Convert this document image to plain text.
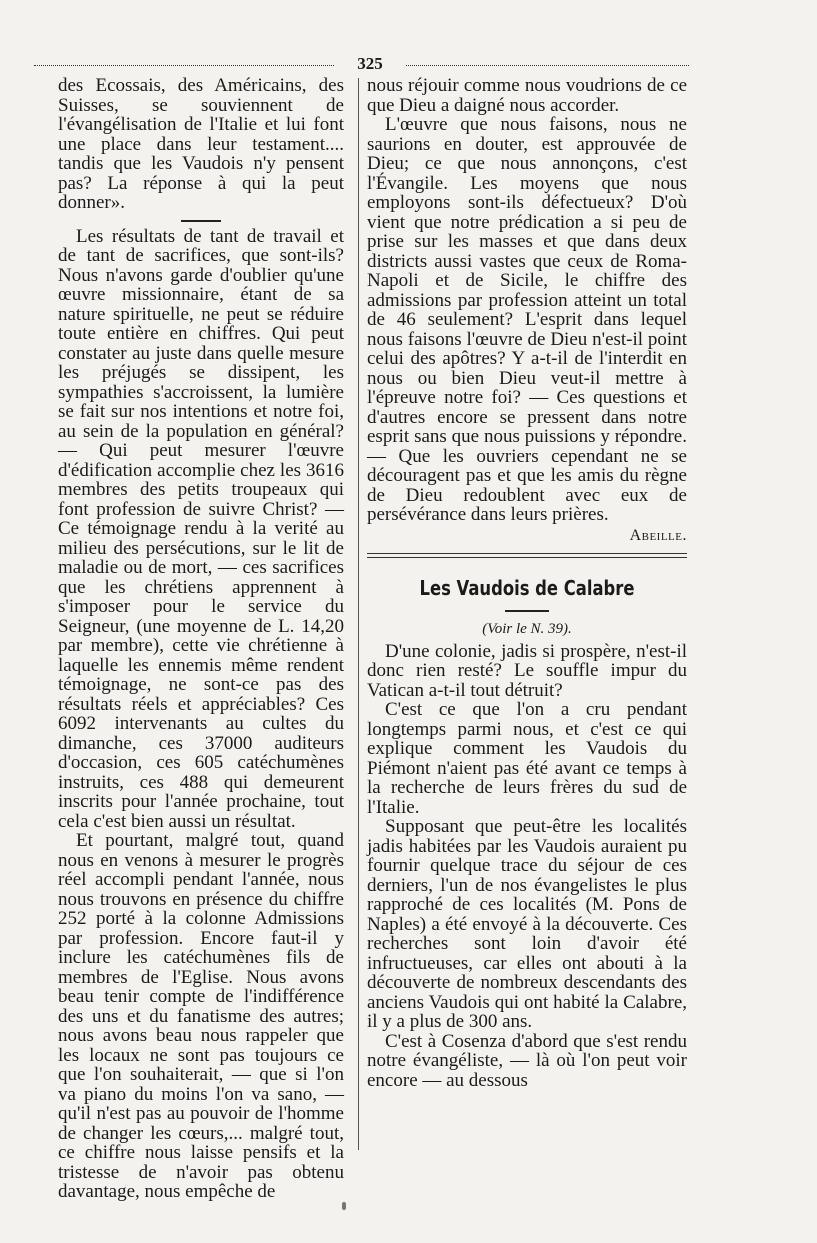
325

des Ecossais, des Américains, des Suisses, se souviennent de l'évangélisation de l'Italie et lui font une place dans leur testament.... tandis que les Vaudois n'y pensent pas? La réponse à qui la peut donner».

Les résultats de tant de travail et de tant de sacrifices, que sont-ils? Nous n'avons garde d'oublier qu'une œuvre missionnaire, étant de sa nature spirituelle, ne peut se réduire toute entière en chiffres. Qui peut constater au juste dans quelle mesure les préjugés se dissipent, les sympathies s'accroissent, la lumière se fait sur nos intentions et notre foi, au sein de la population en général? — Qui peut mesurer l'œuvre d'édification accomplie chez les 3616 membres des petits troupeaux qui font profession de suivre Christ? — Ce témoignage rendu à la verité au milieu des persécutions, sur le lit de maladie ou de mort, — ces sacrifices que les chrétiens apprennent à s'imposer pour le service du Seigneur, (une moyenne de L. 14,20 par membre), cette vie chrétienne à laquelle les ennemis même rendent témoignage, ne sont-ce pas des résultats réels et appréciables? Ces 6092 intervenants au cultes du dimanche, ces 37000 auditeurs d'occasion, ces 605 catéchumènes instruits, ces 488 qui demeurent inscrits pour l'année prochaine, tout cela c'est bien aussi un résultat.

Et pourtant, malgré tout, quand nous en venons à mesurer le progrès réel accompli pendant l'année, nous nous trouvons en présence du chiffre 252 porté à la colonne Admissions par profession. Encore faut-il y inclure les catéchumènes fils de membres de l'Eglise. Nous avons beau tenir compte de l'indifférence des uns et du fanatisme des autres; nous avons beau nous rappeler que les locaux ne sont pas toujours ce que l'on souhaiterait, — que si l'on va piano du moins l'on va sano, — qu'il n'est pas au pouvoir de l'homme de changer les cœurs,... malgré tout, ce chiffre nous laisse pensifs et la tristesse de n'avoir pas obtenu davantage, nous empêche de

nous réjouir comme nous voudrions de ce que Dieu a daigné nous accorder.

L'œuvre que nous faisons, nous ne saurions en douter, est approuvée de Dieu; ce que nous annonçons, c'est l'Évangile. Les moyens que nous employons sont-ils défectueux? D'où vient que notre prédication a si peu de prise sur les masses et que dans deux districts aussi vastes que ceux de Roma-Napoli et de Sicile, le chiffre des admissions par profession atteint un total de 46 seulement? L'esprit dans lequel nous faisons l'œuvre de Dieu n'est-il point celui des apôtres? Y a-t-il de l'interdit en nous ou bien Dieu veut-il mettre à l'épreuve notre foi? — Ces questions et d'autres encore se pressent dans notre esprit sans que nous puissions y répondre. — Que les ouvriers cependant ne se découragent pas et que les amis du règne de Dieu redoublent avec eux de persévérance dans leurs prières.

Abeille.
Les Vaudois de Calabre
(Voir le N. 39).

D'une colonie, jadis si prospère, n'est-il donc rien resté? Le souffle impur du Vatican a-t-il tout détruit?

C'est ce que l'on a cru pendant longtemps parmi nous, et c'est ce qui explique comment les Vaudois du Piémont n'aient pas été avant ce temps à la recherche de leurs frères du sud de l'Italie.

Supposant que peut-être les localités jadis habitées par les Vaudois auraient pu fournir quelque trace du séjour de ces derniers, l'un de nos évangelistes le plus rapproché de ces localités (M. Pons de Naples) a été envoyé à la découverte. Ces recherches sont loin d'avoir été infructueuses, car elles ont abouti à la découverte de nombreux descendants des anciens Vaudois qui ont habité la Calabre, il y a plus de 300 ans.

C'est à Cosenza d'abord que s'est rendu notre évangéliste, — là où l'on peut voir encore — au dessous
